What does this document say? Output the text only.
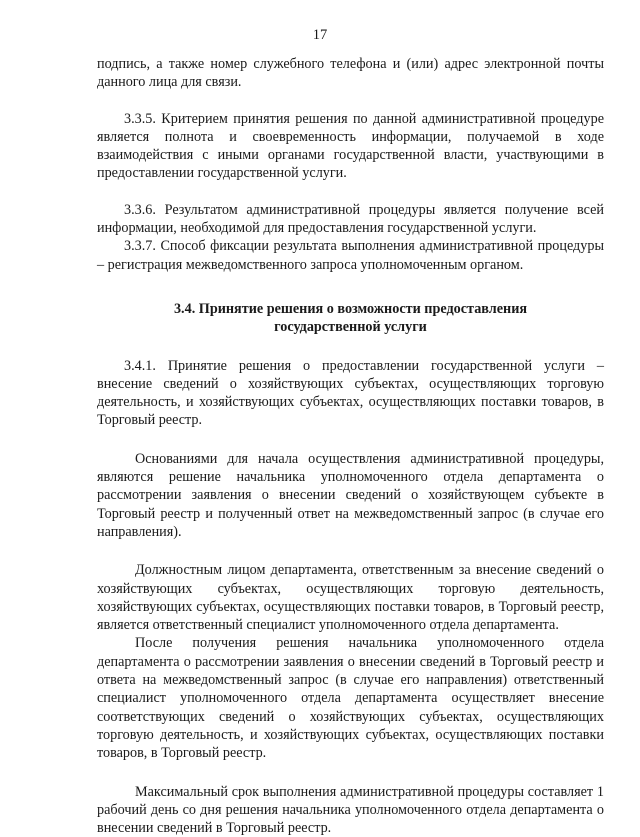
17

подпись, а также номер служебного телефона и (или) адрес электронной почты данного лица для связи.

3.3.5. Критерием принятия решения по данной административной процедуре является полнота и своевременность информации, получаемой в ходе взаимодействия с иными органами государственной власти, участвующими в предоставлении государственной услуги.

3.3.6. Результатом административной процедуры является получение всей информации, необходимой для предоставления государственной услуги.

3.3.7. Способ фиксации результата выполнения административной процедуры – регистрация межведомственного запроса уполномоченным органом.

3.4. Принятие решения о возможности предоставления
государственной услуги

3.4.1. Принятие решения о предоставлении государственной услуги – внесение сведений о хозяйствующих субъектах, осуществляющих торговую деятельность, и хозяйствующих субъектах, осуществляющих поставки товаров, в Торговый реестр.

Основаниями для начала осуществления административной процедуры, являются решение начальника уполномоченного отдела департамента о рассмотрении заявления о внесении сведений о хозяйствующем субъекте в Торговый реестр и полученный ответ на межведомственный запрос (в случае его направления).

Должностным лицом департамента, ответственным за внесение сведений о хозяйствующих субъектах, осуществляющих торговую деятельность, хозяйствующих субъектах, осуществляющих поставки товаров, в Торговый реестр, является ответственный специалист уполномоченного отдела департамента.

После получения решения начальника уполномоченного отдела департамента о рассмотрении заявления о внесении сведений в Торговый реестр и ответа на межведомственный запрос (в случае его направления) ответственный специалист уполномоченного отдела департамента осуществляет внесение соответствующих сведений о хозяйствующих субъектах, осуществляющих торговую деятельность, и хозяйствующих субъектах, осуществляющих поставки товаров, в Торговый реестр.

Максимальный срок выполнения административной процедуры составляет 1 рабочий день со дня решения начальника уполномоченного отдела департамента о внесении сведений в Торговый реестр.
